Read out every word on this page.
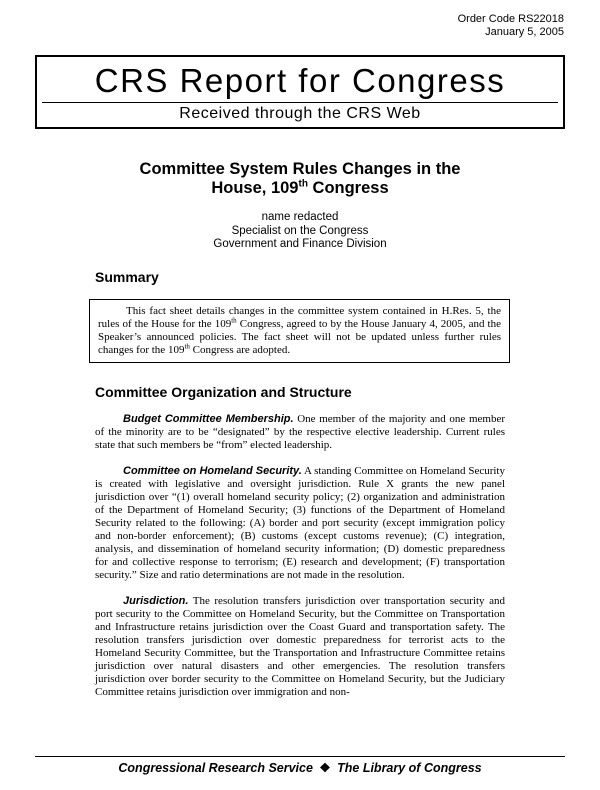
Order Code RS22018
January 5, 2005
CRS Report for Congress
Received through the CRS Web
Committee System Rules Changes in the
House, 109th Congress
name redacted
Specialist on the Congress
Government and Finance Division
Summary

This fact sheet details changes in the committee system contained in H.Res. 5, the rules of the House for the 109th Congress, agreed to by the House January 4, 2005, and the Speaker’s announced policies. The fact sheet will not be updated unless further rules changes for the 109th Congress are adopted.

Committee Organization and Structure

Budget Committee Membership. One member of the majority and one member of the minority are to be “designated” by the respective elective leadership. Current rules state that such members be “from” elected leadership.

Committee on Homeland Security. A standing Committee on Homeland Security is created with legislative and oversight jurisdiction. Rule X grants the new panel jurisdiction over “(1) overall homeland security policy; (2) organization and administration of the Department of Homeland Security; (3) functions of the Department of Homeland Security related to the following: (A) border and port security (except immigration policy and non-border enforcement); (B) customs (except customs revenue); (C) integration, analysis, and dissemination of homeland security information; (D) domestic preparedness for and collective response to terrorism; (E) research and development; (F) transportation security.” Size and ratio determinations are not made in the resolution.

Jurisdiction. The resolution transfers jurisdiction over transportation security and port security to the Committee on Homeland Security, but the Committee on Transportation and Infrastructure retains jurisdiction over the Coast Guard and transportation safety. The resolution transfers jurisdiction over domestic preparedness for terrorist acts to the Homeland Security Committee, but the Transportation and Infrastructure Committee retains jurisdiction over natural disasters and other emergencies. The resolution transfers jurisdiction over border security to the Committee on Homeland Security, but the Judiciary Committee retains jurisdiction over immigration and non-

Congressional Research Service ❖ The Library of Congress
